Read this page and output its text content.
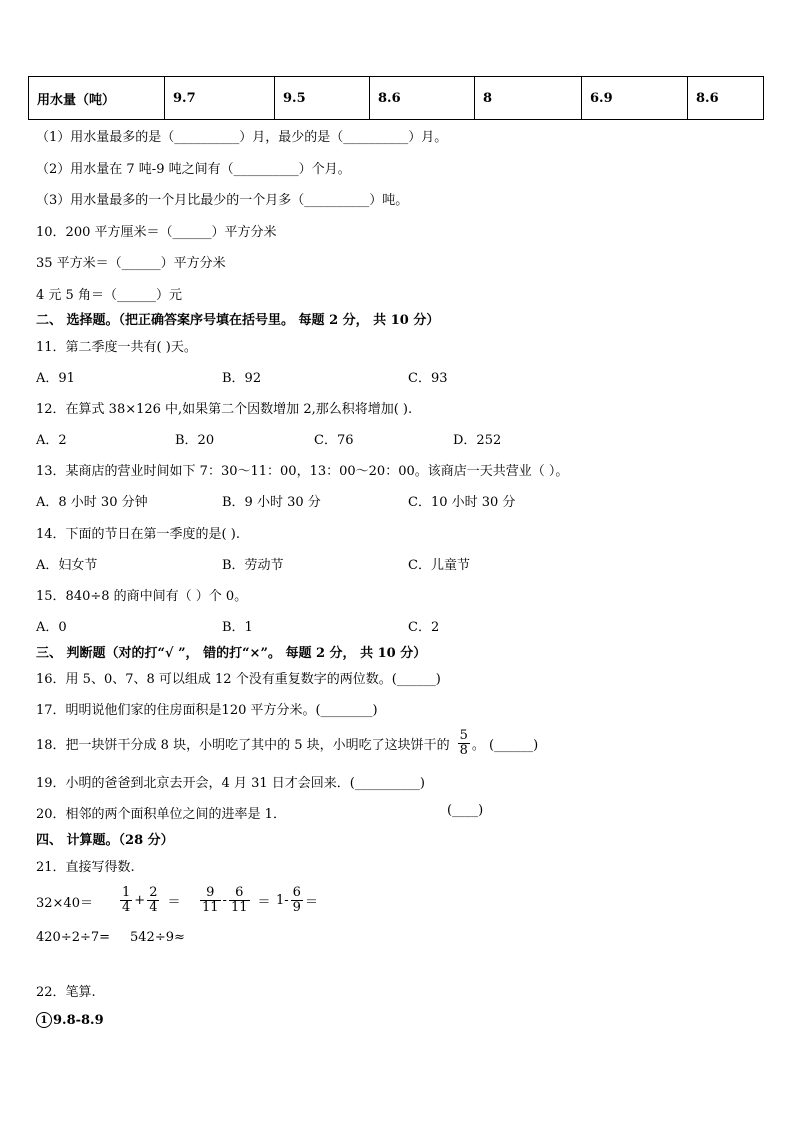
用水量（吨）	9.7	9.5	8.6	8	6.9	8.6
（1）用水量最多的是（__________）月，最少的是（__________）月。
（2）用水量在 7 吨-9 吨之间有（__________）个月。
（3）用水量最多的一个月比最少的一个月多（__________）吨。
10．200 平方厘米＝（______）平方分米
35 平方米＝（______）平方分米
4 元 5 角＝（______）元
二、 选择题。（把正确答案序号填在括号里。 每题 2 分， 共 10 分）
11．第二季度一共有( )天。
A．91	B．92	C．93
12．在算式 38×126 中,如果第二个因数增加 2,那么积将增加( ).
A．2	B．20	C．76	D．252
13．某商店的营业时间如下 7：30～11：00，13：00～20：00。该商店一天共营业（ ）。
A．8 小时 30 分钟	B．9 小时 30 分	C．10 小时 30 分
14．下面的节日在第一季度的是( ).
A．妇女节	B．劳动节	C．儿童节
15．840÷8 的商中间有（ ）个 0。
A．0	B．1	C．2
三、 判断题（对的打“√ ”， 错的打“×”。 每题 2 分， 共 10 分）
16．用 5、0、7、8 可以组成 12 个没有重复数字的两位数。(______)
17．明明说他们家的住房面积是120 平方分米。(________)
18．把一块饼干分成 8 块，小明吃了其中的 5 块，小明吃了这块饼干的 $\frac{5}{8}$ 。 (______)
19．小明的爸爸到北京去开会，4 月 31 日才会回来．(__________)
20．相邻的两个面积单位之间的进率是 1．	(____)
四、 计算题。（28 分）
21．直接写得数.
$32\times 40= \frac{1}{4} + \frac{2}{4} = \frac{9}{11} - \frac{6}{11} = 1- \frac{6}{9}$ ＝
420÷2÷7= 542÷9≈
22．笔算.
1 9.8-8.9
